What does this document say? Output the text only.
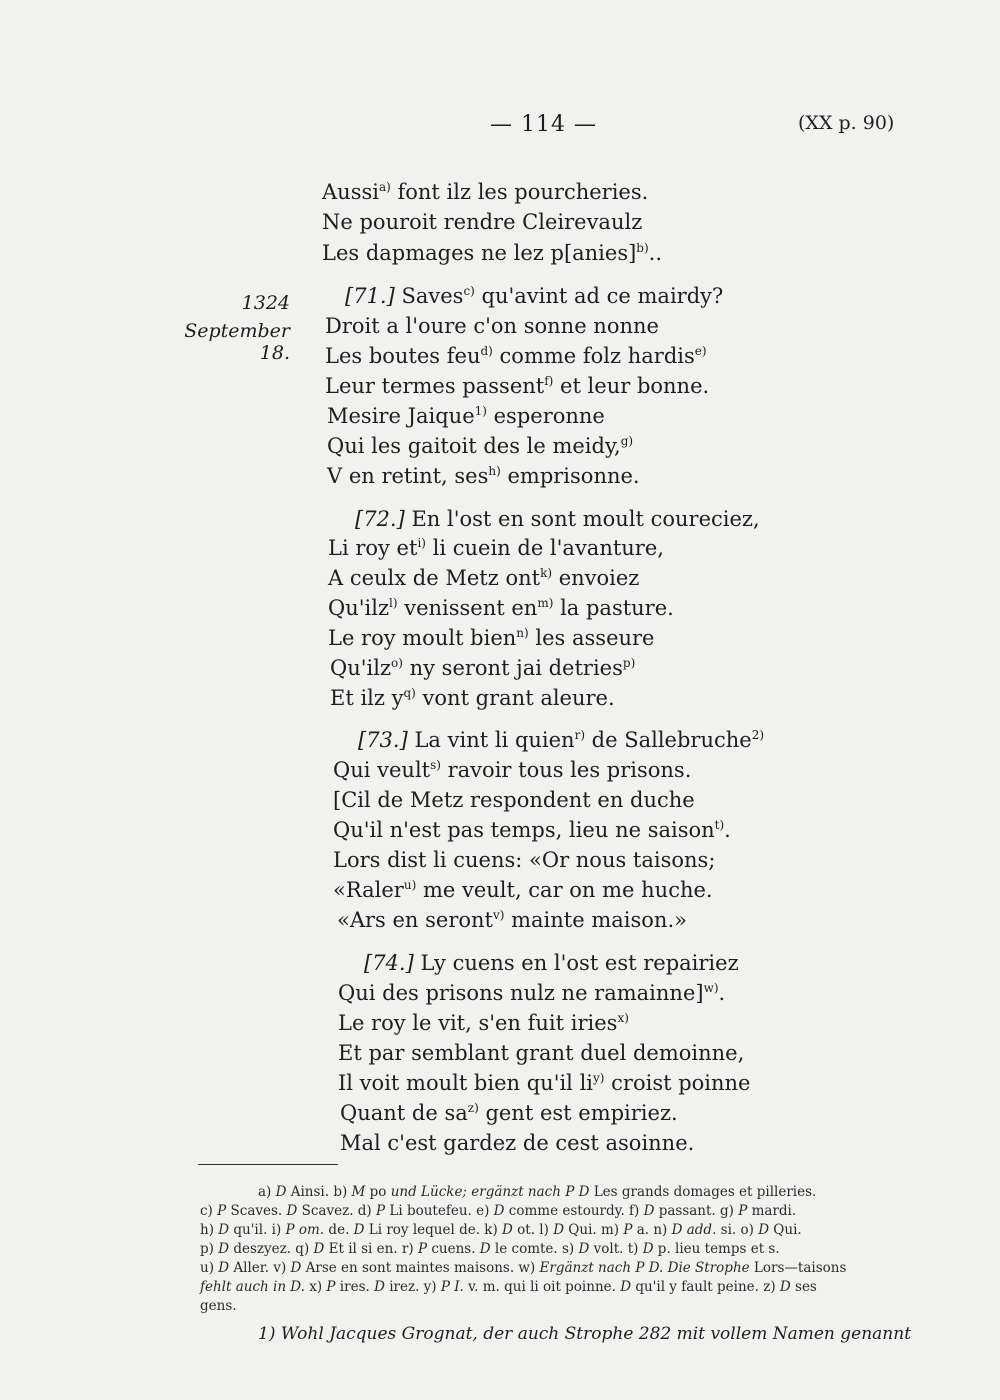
— 114 —	(XX p. 90)
1324
September 18.
Aussi$^{a)}$ font ilz les pourcheries.
Ne pouroit rendre Cleirevaulz
Les dapmages ne lez p[anies]$^{b)}$..
[71.] Saves$^{c)}$ qu'avint ad ce mairdy?
Droit a l'oure c'on sonne nonne
Les boutes feu$^{d)}$ comme folz hardis$^{e)}$
Leur termes passent$^{f)}$ et leur bonne.
Mesire Jaique$^{1)}$ esperonne
Qui les gaitoit des le meidy,$^{g)}$
V en retint, ses$^{h)}$ emprisonne.
[72.] En l'ost en sont moult coureciez,
Li roy $et^{i)}$ li cuein de l'avanture,
A ceulx de Metz ont$^{k)}$ envoiez
Qu'ilz$^{l)}$ venissent $en^{m)}$ la pasture.
Le roy moult bien$^{n)}$ les asseure
Qu'ilz$^{o)}$ ny seront jai detries$^{p)}$
Et ilz $y^{q)}$ vont grant aleure.
[73.] La vint li quien$^{r)}$ de Sallebruche$^{2)}$
Qui veult$^{s)}$ ravoir tous les prisons.
[Cil de Metz respondent en duche
Qu'il n'est pas temps, lieu ne saison$^{t)}$.
Lors dist li cuens: «Or nous taisons;
«Raler$^{u)}$ me veult, car on me huche.
«Ars en seront$^{v)}$ mainte maison.»
[74.] Ly cuens en l'ost est repairiez
Qui des prisons nulz ne ramainne]$^{w)}$.
Le roy le vit, s'en fuit iries$^{x)}$
Et par semblant grant duel demoinne,
Il voit moult bien qu'il $li^{y)}$ croist poinne
Quant de $sa^{z)}$ gent est empiriez.
Mal c'est gardez de cest asoinne.
a) D Ainsi. b) M po und Lücke; ergänzt nach P D Les grands domages et pilleries.
c) P Scaves. D Scavez. d) P Li boutefeu. e) D comme estourdy. f) D passant. g) P mardi.
h) D qu'il. i) P om. de. D Li roy lequel de. k) D ot. l) D Qui. m) P a. n) D add. si. o) D Qui.
p) D deszyez. q) D Et il si en. r) P cuens. D le comte. s) D volt. t) D p. lieu temps et s.
u) D Aller. v) D Arse en sont maintes maisons. w) Ergänzt nach P D. Die Strophe Lors—taisons
fehlt auch in D. x) P ires. D irez. y) P I. v. m. qui li oit poinne. D qu'il y fault peine. z) D ses
gens.
1) Wohl Jacques Grognat, der auch Strophe 282 mit vollem Namen genannt
